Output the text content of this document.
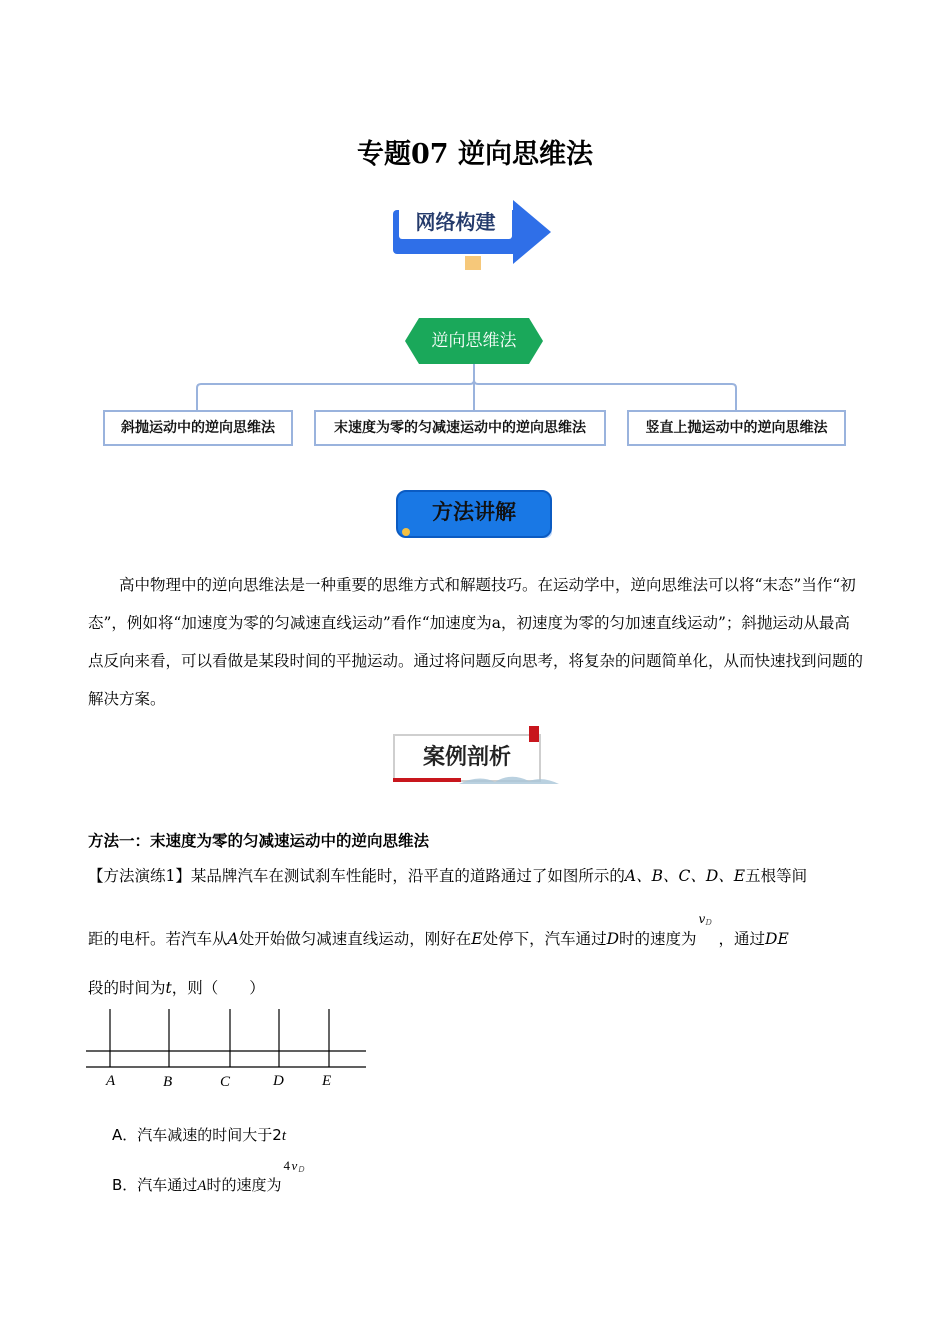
专题07 逆向思维法
网络构建
逆向思维法
斜抛运动中的逆向思维法	末速度为零的匀减速运动中的逆向思维法	竖直上抛运动中的逆向思维法
方法讲解
高中物理中的逆向思维法是一种重要的思维方式和解题技巧。在运动学中，逆向思维法可以将“末态”当作“初态”，例如将“加速度为零的匀减速直线运动”看作“加速度为a，初速度为零的匀加速直线运动”；斜抛运动从最高点反向来看，可以看做是某段时间的平抛运动。通过将问题反向思考，将复杂的问题简单化，从而快速找到问题的解决方案。
案例剖析
方法一：末速度为零的匀减速运动中的逆向思维法
【方法演练1】某品牌汽车在测试刹车性能时，沿平直的道路通过了如图所示的A、B、C、D、E五根等间
距的电杆。若汽车从A处开始做匀减速直线运动，刚好在E处停下，汽车通过D时的速度为
v D
，通过DE
段的时间为t，则（　　）
A	B	C	D	E
A．汽车减速的时间大于2t
B．汽车通过A时的速度为
4 v D
